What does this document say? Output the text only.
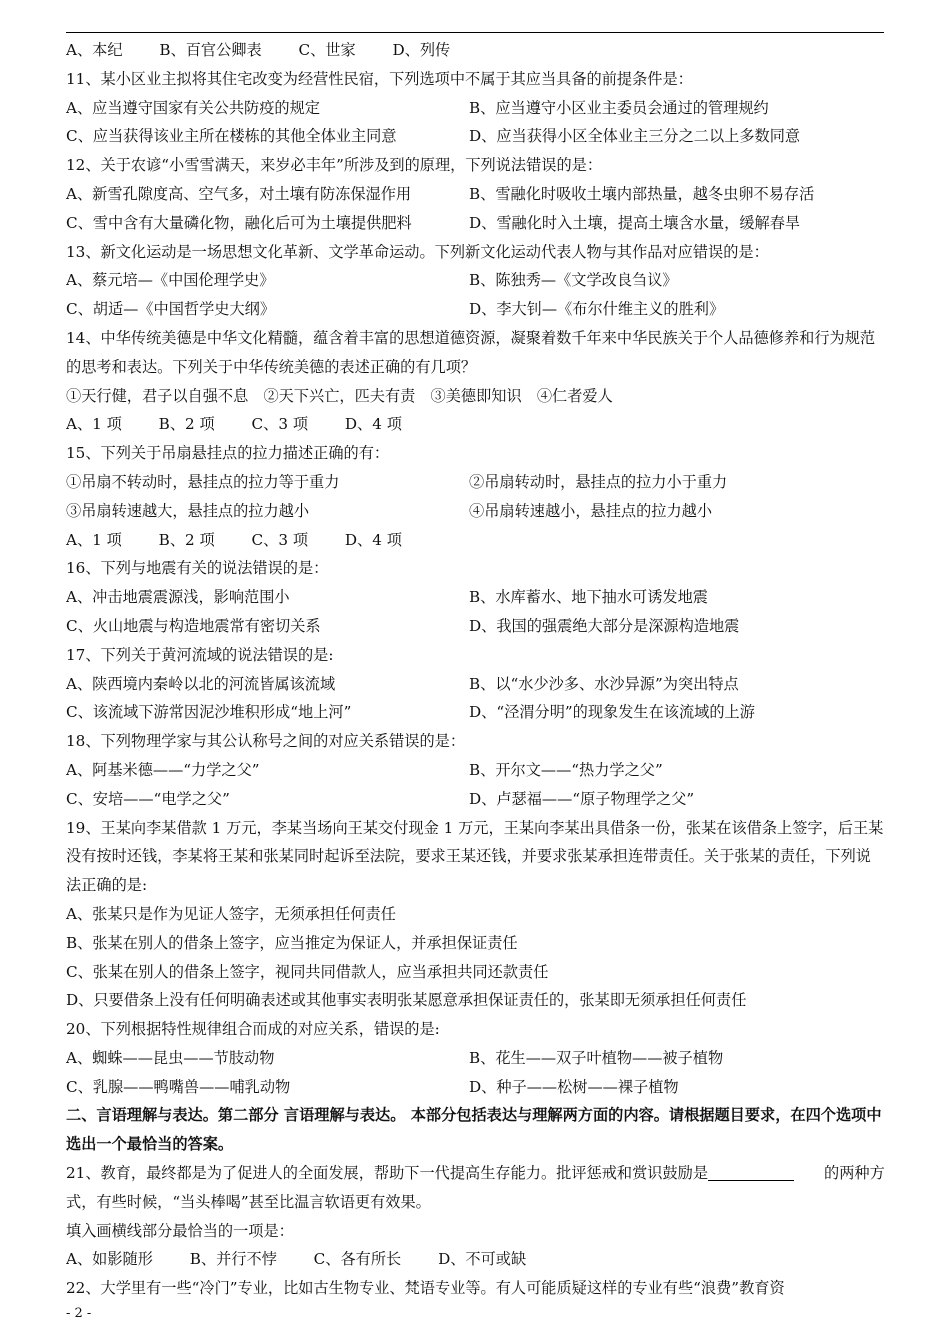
A、本纪 B、百官公卿表 C、世家 D、列传
11、某小区业主拟将其住宅改变为经营性民宿，下列选项中不属于其应当具备的前提条件是：
A、应当遵守国家有关公共防疫的规定	B、应当遵守小区业主委员会通过的管理规约
C、应当获得该业主所在楼栋的其他全体业主同意	D、应当获得小区全体业主三分之二以上多数同意
12、关于农谚“小雪雪满天，来岁必丰年”所涉及到的原理，下列说法错误的是：
A、新雪孔隙度高、空气多，对土壤有防冻保湿作用	B、雪融化时吸收土壤内部热量，越冬虫卵不易存活
C、雪中含有大量磷化物，融化后可为土壤提供肥料	D、雪融化时入土壤，提高土壤含水量，缓解春旱
13、新文化运动是一场思想文化革新、文学革命运动。下列新文化运动代表人物与其作品对应错误的是：
A、蔡元培—《中国伦理学史》	B、陈独秀—《文学改良刍议》
C、胡适—《中国哲学史大纲》	D、李大钊—《布尔什维主义的胜利》
14、中华传统美德是中华文化精髓，蕴含着丰富的思想道德资源，凝聚着数千年来中华民族关于个人品德修养和行为规范的思考和表达。下列关于中华传统美德的表述正确的有几项？
①天行健，君子以自强不息　②天下兴亡，匹夫有责　③美德即知识　④仁者爱人
A、1 项 B、2 项 C、3 项 D、4 项
15、下列关于吊扇悬挂点的拉力描述正确的有：
①吊扇不转动时，悬挂点的拉力等于重力	②吊扇转动时，悬挂点的拉力小于重力
③吊扇转速越大，悬挂点的拉力越小	④吊扇转速越小，悬挂点的拉力越小
A、1 项 B、2 项 C、3 项 D、4 项
16、下列与地震有关的说法错误的是：
A、冲击地震震源浅，影响范围小	B、水库蓄水、地下抽水可诱发地震
C、火山地震与构造地震常有密切关系	D、我国的强震绝大部分是深源构造地震
17、下列关于黄河流域的说法错误的是:
A、陕西境内秦岭以北的河流皆属该流域	B、以“水少沙多、水沙异源”为突出特点
C、该流域下游常因泥沙堆积形成“地上河”	D、“泾渭分明”的现象发生在该流域的上游
18、下列物理学家与其公认称号之间的对应关系错误的是：
A、阿基米德——“力学之父”	B、开尔文——“热力学之父”
C、安培——“电学之父”	D、卢瑟福——“原子物理学之父”
19、王某向李某借款 1 万元，李某当场向王某交付现金 1 万元，王某向李某出具借条一份，张某在该借条上签字，后王某没有按时还钱，李某将王某和张某同时起诉至法院，要求王某还钱，并要求张某承担连带责任。关于张某的责任，下列说法正确的是:
A、张某只是作为见证人签字，无须承担任何责任
B、张某在别人的借条上签字，应当推定为保证人，并承担保证责任
C、张某在别人的借条上签字，视同共同借款人，应当承担共同还款责任
D、只要借条上没有任何明确表述或其他事实表明张某愿意承担保证责任的，张某即无须承担任何责任
20、下列根据特性规律组合而成的对应关系，错误的是:
A、蜘蛛——昆虫——节肢动物	B、花生——双子叶植物——被子植物
C、乳腺——鸭嘴兽——哺乳动物	D、种子——松树——裸子植物
二、言语理解与表达。第二部分 言语理解与表达。 本部分包括表达与理解两方面的内容。请根据题目要求，在四个选项中选出一个最恰当的答案。
21、教育，最终都是为了促进人的全面发展，帮助下一代提高生存能力。批评惩戒和赏识鼓励是	的两种方式，有些时候，“当头棒喝”甚至比温言软语更有效果。
填入画横线部分最恰当的一项是：
A、如影随形 B、并行不悖 C、各有所长 D、不可或缺
22、大学里有一些“冷门”专业，比如古生物专业、梵语专业等。有人可能质疑这样的专业有些“浪费”教育资
- 2 -
